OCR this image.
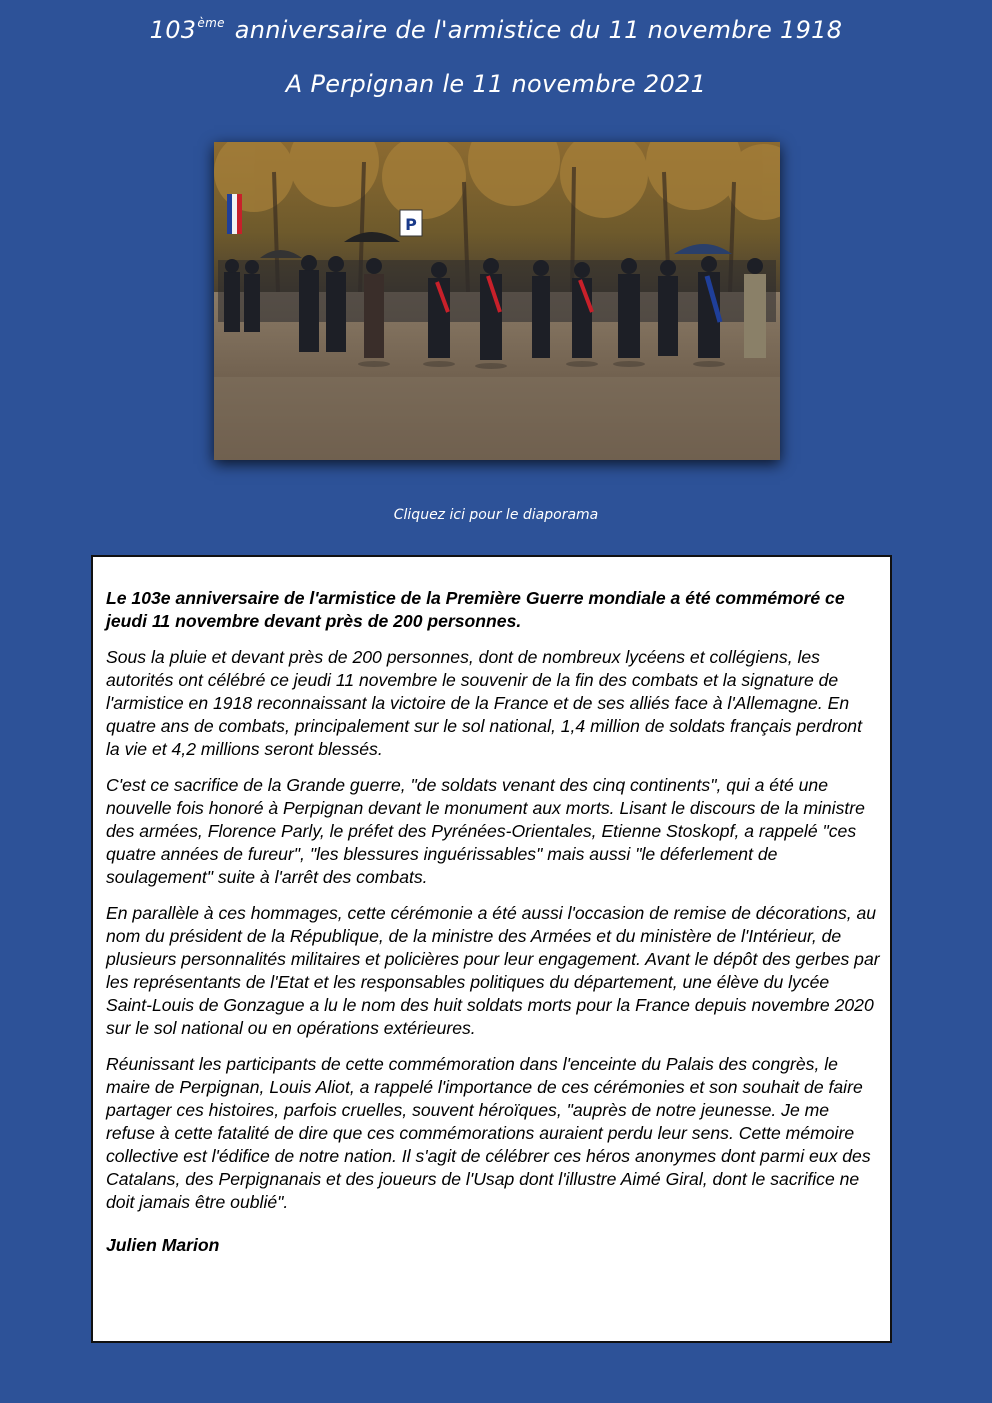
103ème anniversaire de l'armistice du 11 novembre 1918
A Perpignan le 11 novembre 2021
P
Cliquez ici pour le diaporama

Le 103e anniversaire de l'armistice de la Première Guerre mondiale a été commémoré ce jeudi 11 novembre devant près de 200 personnes.

Sous la pluie et devant près de 200 personnes, dont de nombreux lycéens et collégiens, les autorités ont célébré ce jeudi 11 novembre le souvenir de la fin des combats et la signature de l'armistice en 1918 reconnaissant la victoire de la France et de ses alliés face à l'Allemagne. En quatre ans de combats, principalement sur le sol national, 1,4 million de soldats français perdront la vie et 4,2 millions seront blessés.

C'est ce sacrifice de la Grande guerre, "de soldats venant des cinq continents", qui a été une nouvelle fois honoré à Perpignan devant le monument aux morts. Lisant le discours de la ministre des armées, Florence Parly, le préfet des Pyrénées-Orientales, Etienne Stoskopf, a rappelé "ces quatre années de fureur", "les blessures inguérissables" mais aussi "le déferlement de soulagement" suite à l'arrêt des combats.

En parallèle à ces hommages, cette cérémonie a été aussi l'occasion de remise de décorations, au nom du président de la République, de la ministre des Armées et du ministère de l'Intérieur, de plusieurs personnalités militaires et policières pour leur engagement. Avant le dépôt des gerbes par les représentants de l'Etat et les responsables politiques du département, une élève du lycée Saint-Louis de Gonzague a lu le nom des huit soldats morts pour la France depuis novembre 2020 sur le sol national ou en opérations extérieures.

Réunissant les participants de cette commémoration dans l'enceinte du Palais des congrès, le maire de Perpignan, Louis Aliot, a rappelé l'importance de ces cérémonies et son souhait de faire partager ces histoires, parfois cruelles, souvent héroïques, "auprès de notre jeunesse. Je me refuse à cette fatalité de dire que ces commémorations auraient perdu leur sens. Cette mémoire collective est l'édifice de notre nation. Il s'agit de célébrer ces héros anonymes dont parmi eux des Catalans, des Perpignanais et des joueurs de l'Usap dont l'illustre Aimé Giral, dont le sacrifice ne doit jamais être oublié".

Julien Marion
